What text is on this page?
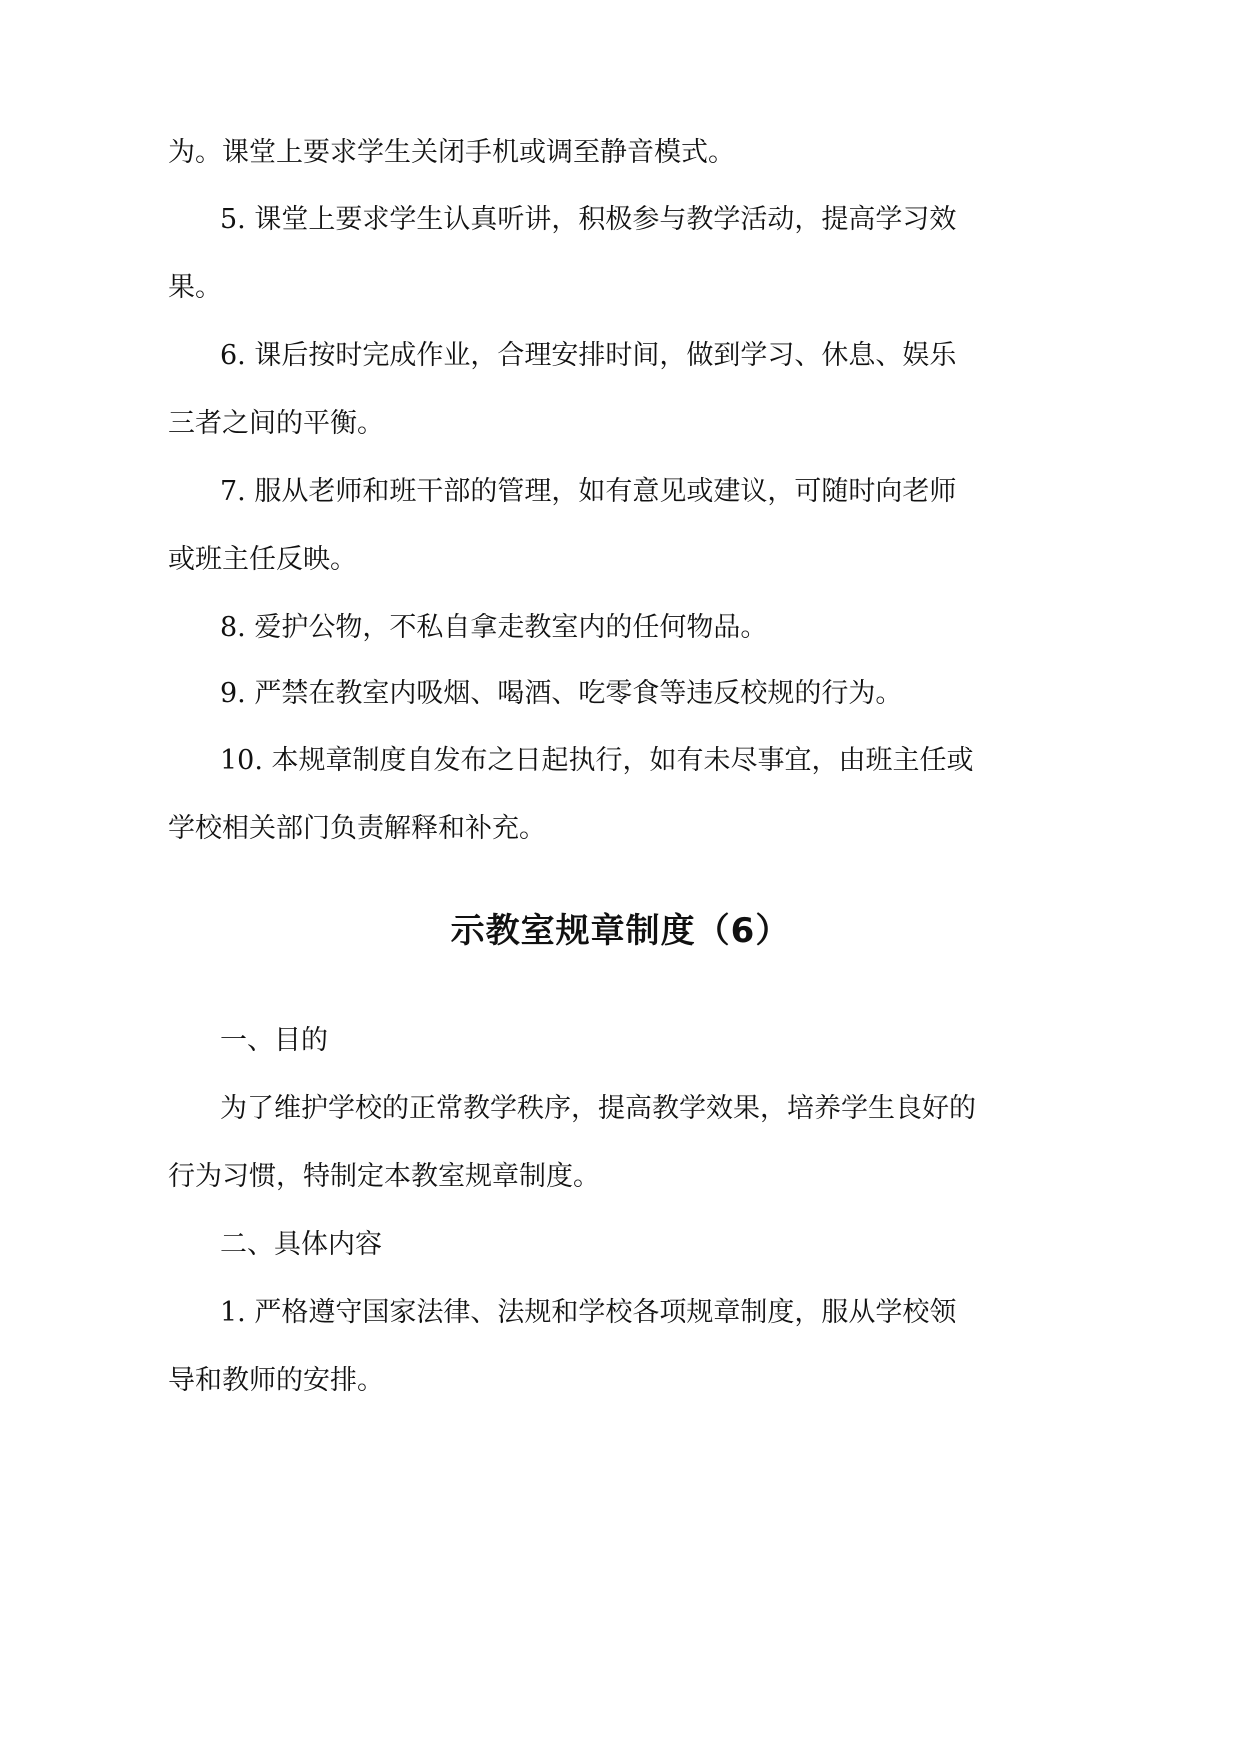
为。课堂上要求学生关闭手机或调至静音模式。
5. 课堂上要求学生认真听讲，积极参与教学活动，提高学习效
果。
6. 课后按时完成作业，合理安排时间，做到学习、休息、娱乐
三者之间的平衡。
7. 服从老师和班干部的管理，如有意见或建议，可随时向老师
或班主任反映。
8. 爱护公物，不私自拿走教室内的任何物品。
9. 严禁在教室内吸烟、喝酒、吃零食等违反校规的行为。
10. 本规章制度自发布之日起执行，如有未尽事宜，由班主任或
学校相关部门负责解释和补充。
示教室规章制度（6）
一、目的
为了维护学校的正常教学秩序，提高教学效果，培养学生良好的
行为习惯，特制定本教室规章制度。
二、具体内容
1. 严格遵守国家法律、法规和学校各项规章制度，服从学校领
导和教师的安排。
